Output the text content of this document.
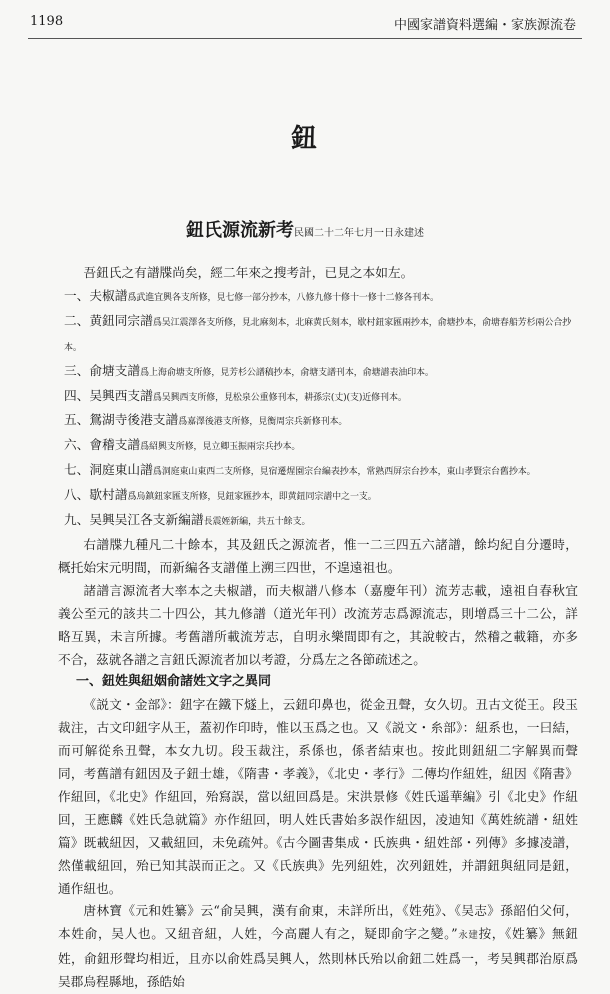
1198	中國家譜資料選編・家族源流卷
鈕
鈕氏源流新考民國二十二年七月一日永建述

吾鈕氏之有譜牒尚矣，經二年來之搜考計，已見之本如左。

一、夫椒譜爲武進宜興各支所修，見七修一部分抄本，八修九修十修十一修十二修各刊本。

二、黄鈕同宗譜爲吴江震澤各支所修，見北麻刻本，北麻黄氏刻本，歇村鈕家匯兩抄本，俞塘抄本，俞塘春船芳杉兩公合抄本。

三、俞塘支譜爲上海俞塘支所修，見芳杉公譜稿抄本，俞塘支譜刊本，俞塘譜表油印本。

四、吴興西支譜爲吴興西支所修，見松泉公重修刊本，耕孫宗(丈)(支)近修刊本。

五、鴛湖寺後港支譜爲嘉澤後港支所修，見衡周宗兵新修刊本。

六、會稽支譜爲紹興支所修，見立卿玉振兩宗兵抄本。

七、洞庭東山譜爲洞庭東山東西二支所修，見宿遷煋園宗台編表抄本，常熟西屏宗台抄本，東山孝賢宗台舊抄本。

八、歇村譜爲烏鎮鈕家匯支所修，見鈕家匯抄本，即黄鈕同宗譜中之一支。

九、吴興吴江各支新編譜長震姪新編，共五十餘支。

右譜牒九種凡二十餘本，其及鈕氏之源流者，惟一二三四五六諸譜，餘均紀自分遷時，概托始宋元明間，而新編各支譜僅上溯三四世，不遑遠祖也。

諸譜言源流者大率本之夫椒譜，而夫椒譜八修本（嘉慶年刊）流芳志載，遠祖自春秋宜義公至元的該共二十四公，其九修譜（道光年刊）改流芳志爲源流志，則增爲三十二公，詳略互異，未言所據。考舊譜所載流芳志，自明永樂間即有之，其說較古，然稽之載籍，亦多不合，茲就各譜之言鈕氏源流者加以考證，分爲左之各節疏述之。

一、鈕姓與紐姻俞諸姓文字之異同

《説文・金部》：鈕字在鐵下燧上，云鈕印鼻也，從金丑聲，女久切。丑古文從王。段玉裁注，古文印鈕字从王，蓋初作印時，惟以玉爲之也。又《説文・糸部》：紐系也，一曰結，而可解從糸丑聲，本女九切。段玉裁注，系係也，係者結束也。按此則鈕紐二字解異而聲同，考舊譜有鈕因及子鈕士雄，《隋書・孝義》，《北史・孝行》二傳均作紐姓，紐因《隋書》作紐回，《北史》作紐回，殆寫誤，當以紐回爲是。宋洪景修《姓氏遥華編》引《北史》作紐回，王應麟《姓氏急就篇》亦作紐回，明人姓氏書始多誤作紐因，凌迪知《萬姓統譜・紐姓篇》既載紐因，又載紐回，未免疏舛。《古今圖書集成・氏族典・紐姓部・列傳》多據凌譜，然僅載紐回，殆已知其誤而正之。又《氏族典》先列紐姓，次列鈕姓，并謂鈕與紐同是鈕，通作紐也。

唐林寶《元和姓纂》云“俞吴興，漢有俞東，未詳所出，《姓苑》、《吴志》孫韶伯父何，本姓俞，吴人也。又紐音紐，人姓，今高麗人有之，疑即俞字之變。”永建按，《姓纂》無鈕姓，俞鈕形聲均相近，且亦以俞姓爲吴興人，然則林氏殆以俞鈕二姓爲一，考吴興郡治原爲吴郡烏程縣地，孫皓始
